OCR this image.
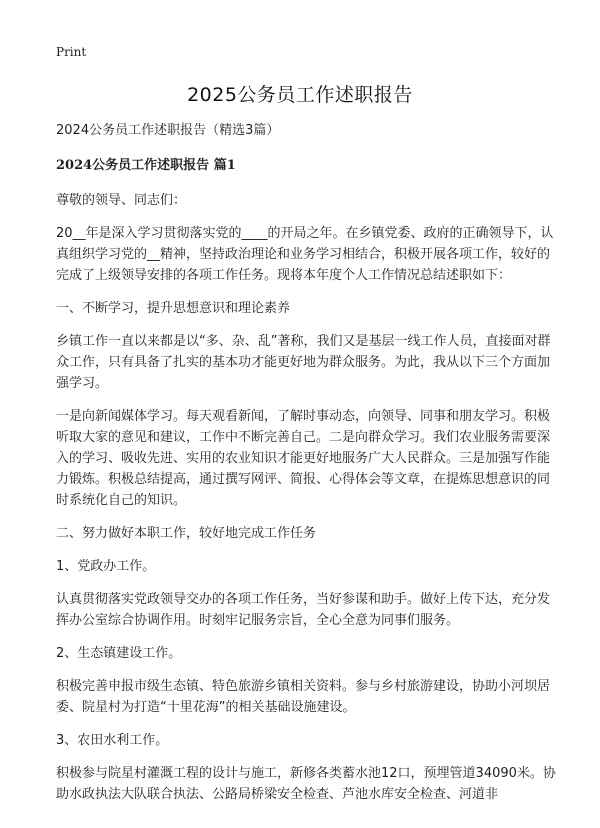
Print
2025公务员工作述职报告

2024公务员工作述职报告（精选3篇）

2024公务员工作述职报告 篇1

尊敬的领导、同志们：

20__年是深入学习贯彻落实党的____的开局之年。在乡镇党委、政府的正确领导下，认真组织学习党的__精神，坚持政治理论和业务学习相结合，积极开展各项工作，较好的完成了上级领导安排的各项工作任务。现将本年度个人工作情况总结述职如下：

一、不断学习，提升思想意识和理论素养

乡镇工作一直以来都是以“多、杂、乱”著称，我们又是基层一线工作人员，直接面对群众工作，只有具备了扎实的基本功才能更好地为群众服务。为此，我从以下三个方面加强学习。

一是向新闻媒体学习。每天观看新闻，了解时事动态，向领导、同事和朋友学习。积极听取大家的意见和建议，工作中不断完善自己。二是向群众学习。我们农业服务需要深入的学习、吸收先进、实用的农业知识才能更好地服务广大人民群众。三是加强写作能力锻炼。积极总结提高，通过撰写网评、简报、心得体会等文章，在提炼思想意识的同时系统化自己的知识。

二、努力做好本职工作，较好地完成工作任务

1、党政办工作。

认真贯彻落实党政领导交办的各项工作任务，当好参谋和助手。做好上传下达，充分发挥办公室综合协调作用。时刻牢记服务宗旨，全心全意为同事们服务。

2、生态镇建设工作。

积极完善申报市级生态镇、特色旅游乡镇相关资料。参与乡村旅游建设，协助小河坝居委、院星村为打造“十里花海”的相关基础设施建设。

3、农田水利工作。

积极参与院星村灌溉工程的设计与施工，新修各类蓄水池12口，预埋管道34090米。协助水政执法大队联合执法、公路局桥梁安全检查、芦池水库安全检查、河道非
